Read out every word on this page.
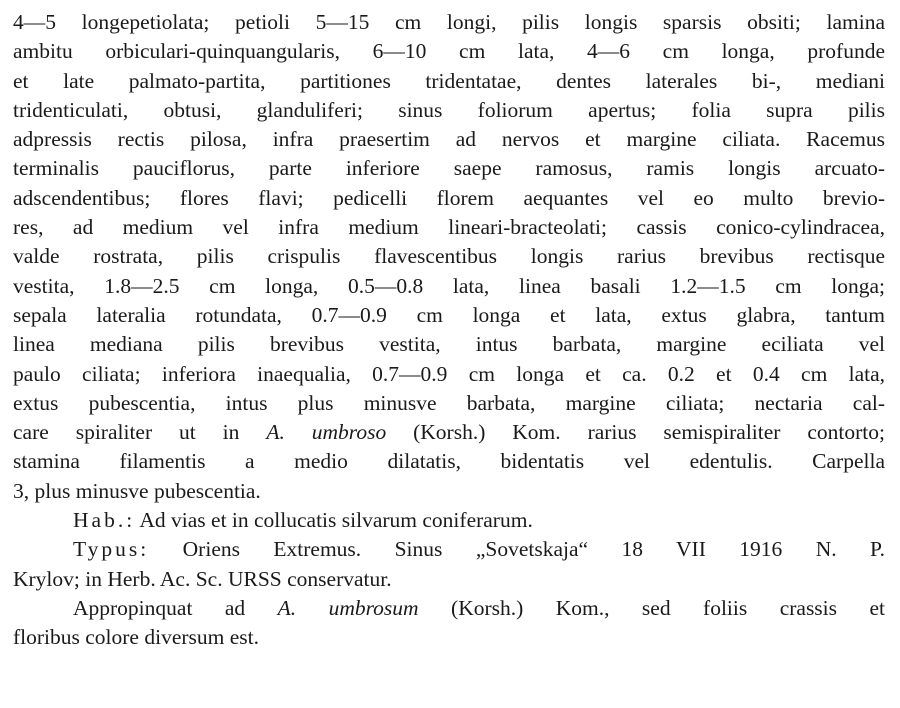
4—5 longepetiolata; petioli 5—15 cm longi, pilis longis sparsis obsiti; lamina
ambitu orbiculari-quinquangularis, 6—10 cm lata, 4—6 cm longa, profunde
et late palmato-partita, partitiones tridentatae, dentes laterales bi-, mediani
tridenticulati, obtusi, glanduliferi; sinus foliorum apertus; folia supra pilis
adpressis rectis pilosa, infra praesertim ad nervos et margine ciliata. Racemus
terminalis pauciflorus, parte inferiore saepe ramosus, ramis longis arcuato-
adscendentibus; flores flavi; pedicelli florem aequantes vel eo multo brevio-
res, ad medium vel infra medium lineari-bracteolati; cassis conico-cylindracea,
valde rostrata, pilis crispulis flavescentibus longis rarius brevibus rectisque
vestita, 1.8—2.5 cm longa, 0.5—0.8 lata, linea basali 1.2—1.5 cm longa;
sepala lateralia rotundata, 0.7—0.9 cm longa et lata, extus glabra, tantum
linea mediana pilis brevibus vestita, intus barbata, margine eciliata vel
paulo ciliata; inferiora inaequalia, 0.7—0.9 cm longa et ca. 0.2 et 0.4 cm lata,
extus pubescentia, intus plus minusve barbata, margine ciliata; nectaria cal-
care spiraliter ut in A. umbroso (Korsh.) Kom. rarius semispiraliter contorto;
stamina filamentis a medio dilatatis, bidentatis vel edentulis. Carpella
3, plus minusve pubescentia.
Hab.: Ad vias et in collucatis silvarum coniferarum.
Typus: Oriens Extremus. Sinus „Sovetskaja“ 18 VII 1916 N. P.
Krylov; in Herb. Ac. Sc. URSS conservatur.
Appropinquat ad A. umbrosum (Korsh.) Kom., sed foliis crassis et
floribus colore diversum est.
